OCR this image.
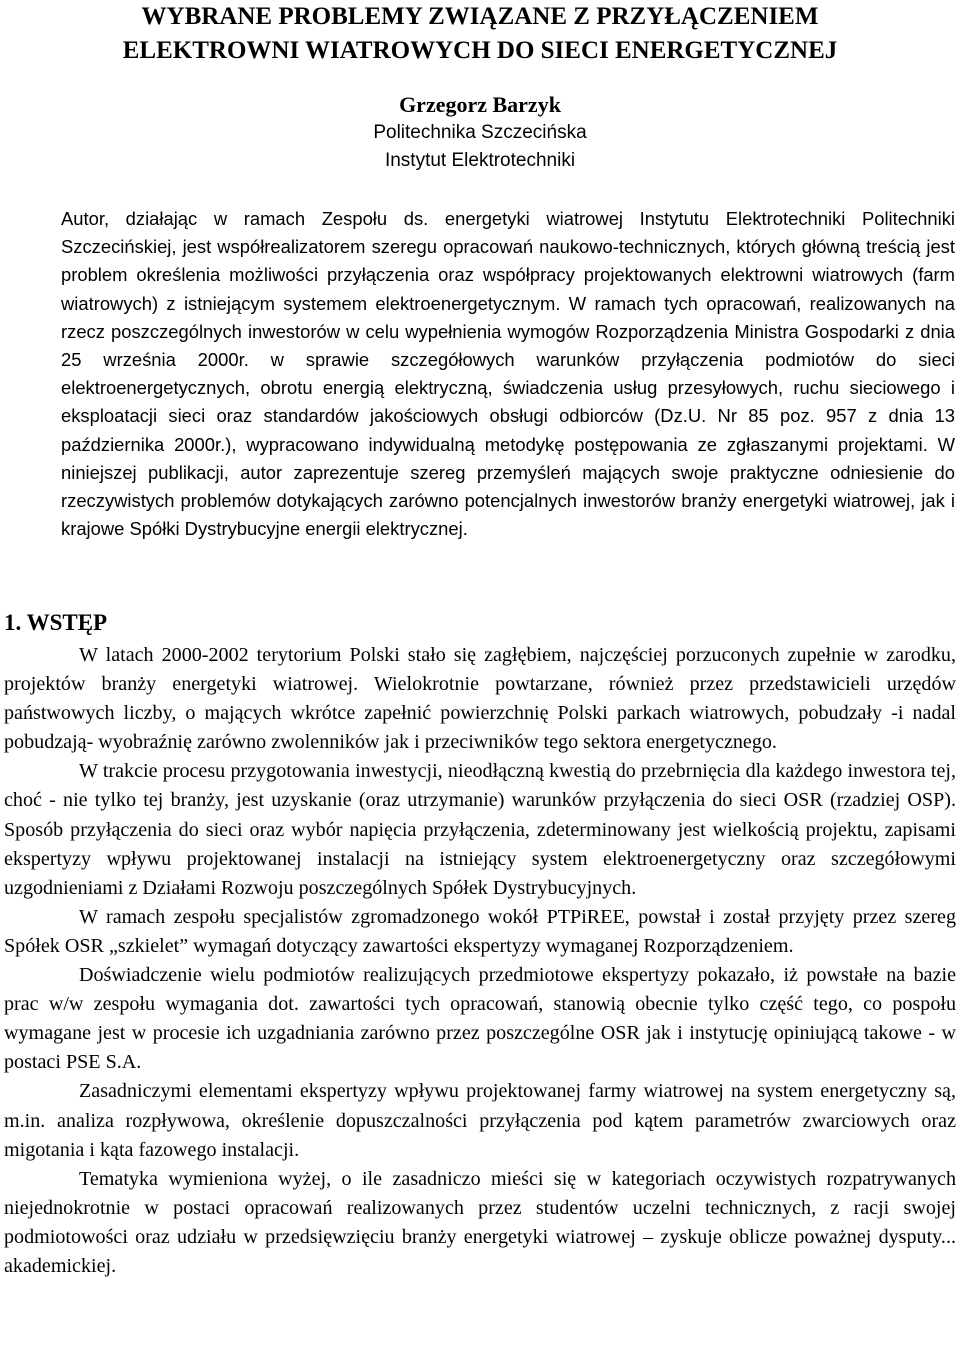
WYBRANE PROBLEMY ZWIĄZANE Z PRZYŁĄCZENIEM
ELEKTROWNI WIATROWYCH DO SIECI ENERGETYCZNEJ
Grzegorz Barzyk
Politechnika Szczecińska
Instytut Elektrotechniki

Autor, działając w ramach Zespołu ds. energetyki wiatrowej Instytutu Elektrotechniki Politechniki Szczecińskiej, jest współrealizatorem szeregu opracowań naukowo-technicznych, których główną treścią jest problem określenia możliwości przyłączenia oraz współpracy projektowanych elektrowni wiatrowych (farm wiatrowych) z istniejącym systemem elektroenergetycznym. W ramach tych opracowań, realizowanych na rzecz poszczególnych inwestorów w celu wypełnienia wymogów Rozporządzenia Ministra Gospodarki z dnia 25 września 2000r. w sprawie szczegółowych warunków przyłączenia podmiotów do sieci elektroenergetycznych, obrotu energią elektryczną, świadczenia usług przesyłowych, ruchu sieciowego i eksploatacji sieci oraz standardów jakościowych obsługi odbiorców (Dz.U. Nr 85 poz. 957 z dnia 13 października 2000r.), wypracowano indywidualną metodykę postępowania ze zgłaszanymi projektami. W niniejszej publikacji, autor zaprezentuje szereg przemyśleń mających swoje praktyczne odniesienie do rzeczywistych problemów dotykających zarówno potencjalnych inwestorów branży energetyki wiatrowej, jak i krajowe Spółki Dystrybucyjne energii elektrycznej.

1. WSTĘP

W latach 2000-2002 terytorium Polski stało się zagłębiem, najczęściej porzuconych zupełnie w zarodku, projektów branży energetyki wiatrowej. Wielokrotnie powtarzane, również przez przedstawicieli urzędów państwowych liczby, o mających wkrótce zapełnić powierzchnię Polski parkach wiatrowych, pobudzały -i nadal pobudzają- wyobraźnię zarówno zwolenników jak i przeciwników tego sektora energetycznego.

W trakcie procesu przygotowania inwestycji, nieodłączną kwestią do przebrnięcia dla każdego inwestora tej, choć - nie tylko tej branży, jest uzyskanie (oraz utrzymanie) warunków przyłączenia do sieci OSR (rzadziej OSP). Sposób przyłączenia do sieci oraz wybór napięcia przyłączenia, zdeterminowany jest wielkością projektu, zapisami ekspertyzy wpływu projektowanej instalacji na istniejący system elektroenergetyczny oraz szczegółowymi uzgodnieniami z Działami Rozwoju poszczególnych Spółek Dystrybucyjnych.

W ramach zespołu specjalistów zgromadzonego wokół PTPiREE, powstał i został przyjęty przez szereg Spółek OSR „szkielet” wymagań dotyczący zawartości ekspertyzy wymaganej Rozporządzeniem.

Doświadczenie wielu podmiotów realizujących przedmiotowe ekspertyzy pokazało, iż powstałe na bazie prac w/w zespołu wymagania dot. zawartości tych opracowań, stanowią obecnie tylko część tego, co pospołu wymagane jest w procesie ich uzgadniania zarówno przez poszczególne OSR jak i instytucję opiniującą takowe - w postaci PSE S.A.

Zasadniczymi elementami ekspertyzy wpływu projektowanej farmy wiatrowej na system energetyczny są, m.in. analiza rozpływowa, określenie dopuszczalności przyłączenia pod kątem parametrów zwarciowych oraz migotania i kąta fazowego instalacji.

Tematyka wymieniona wyżej, o ile zasadniczo mieści się w kategoriach oczywistych rozpatrywanych niejednokrotnie w postaci opracowań realizowanych przez studentów uczelni technicznych, z racji swojej podmiotowości oraz udziału w przedsięwzięciu branży energetyki wiatrowej – zyskuje oblicze poważnej dysputy... akademickiej.
